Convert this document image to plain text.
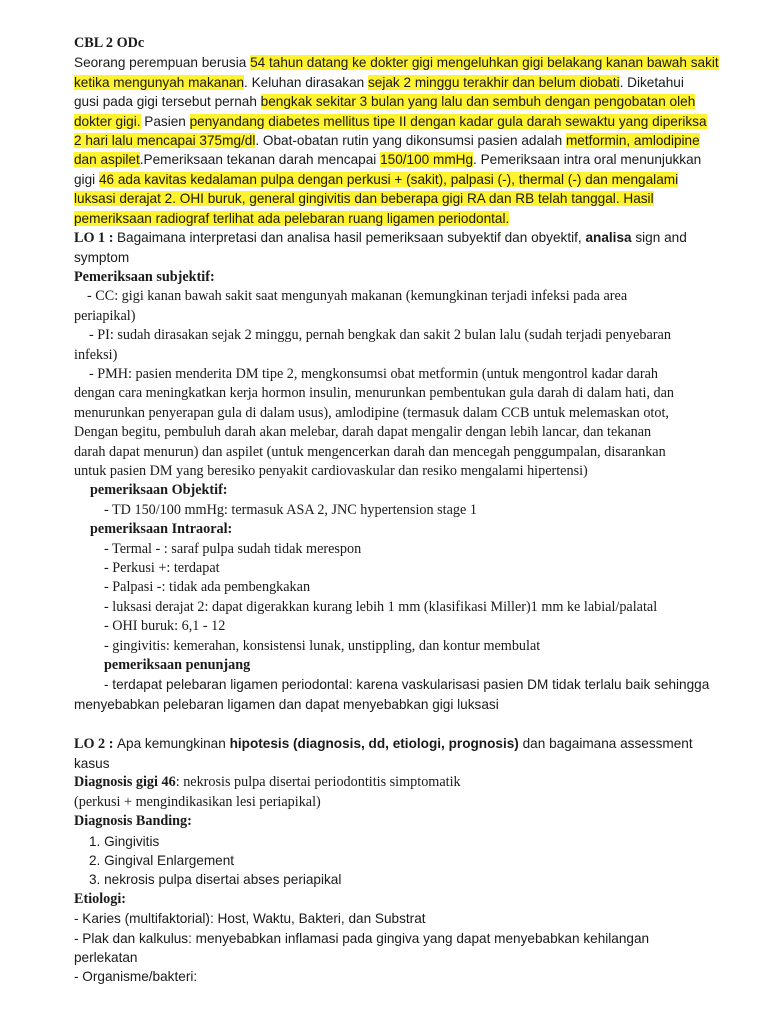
CBL 2 ODc
Seorang perempuan berusia 54 tahun datang ke dokter gigi mengeluhkan gigi belakang kanan bawah sakit
ketika mengunyah makanan. Keluhan dirasakan sejak 2 minggu terakhir dan belum diobati. Diketahui
gusi pada gigi tersebut pernah bengkak sekitar 3 bulan yang lalu dan sembuh dengan pengobatan oleh
dokter gigi. Pasien penyandang diabetes mellitus tipe II dengan kadar gula darah sewaktu yang diperiksa
2 hari lalu mencapai 375mg/dl. Obat-obatan rutin yang dikonsumsi pasien adalah metformin, amlodipine
dan aspilet.Pemeriksaan tekanan darah mencapai 150/100 mmHg. Pemeriksaan intra oral menunjukkan
gigi 46 ada kavitas kedalaman pulpa dengan perkusi + (sakit), palpasi (-), thermal (-) dan mengalami
luksasi derajat 2. OHI buruk, general gingivitis dan beberapa gigi RA dan RB telah tanggal. Hasil
pemeriksaan radiograf terlihat ada pelebaran ruang ligamen periodontal.
LO 1 : Bagaimana interpretasi dan analisa hasil pemeriksaan subyektif dan obyektif, analisa sign and
symptom
Pemeriksaan subjektif:
- CC: gigi kanan bawah sakit saat mengunyah makanan (kemungkinan terjadi infeksi pada area
periapikal)
- PI: sudah dirasakan sejak 2 minggu, pernah bengkak dan sakit 2 bulan lalu (sudah terjadi penyebaran
infeksi)
- PMH: pasien menderita DM tipe 2, mengkonsumsi obat metformin (untuk mengontrol kadar darah
dengan cara meningkatkan kerja hormon insulin, menurunkan pembentukan gula darah di dalam hati, dan
menurunkan penyerapan gula di dalam usus), amlodipine (termasuk dalam CCB untuk melemaskan otot,
Dengan begitu, pembuluh darah akan melebar, darah dapat mengalir dengan lebih lancar, dan tekanan
darah dapat menurun) dan aspilet (untuk mengencerkan darah dan mencegah penggumpalan, disarankan
untuk pasien DM yang beresiko penyakit cardiovaskular dan resiko mengalami hipertensi)
pemeriksaan Objektif:
- TD 150/100 mmHg: termasuk ASA 2, JNC hypertension stage 1
pemeriksaan Intraoral:
- Termal - : saraf pulpa sudah tidak merespon
- Perkusi +: terdapat
- Palpasi -: tidak ada pembengkakan
- luksasi derajat 2: dapat digerakkan kurang lebih 1 mm (klasifikasi Miller)1 mm ke labial/palatal
- OHI buruk: 6,1 - 12
- gingivitis: kemerahan, konsistensi lunak, unstippling, dan kontur membulat
pemeriksaan penunjang
- terdapat pelebaran ligamen periodontal: karena vaskularisasi pasien DM tidak terlalu baik sehingga
menyebabkan pelebaran ligamen dan dapat menyebabkan gigi luksasi
LO 2 : Apa kemungkinan hipotesis (diagnosis, dd, etiologi, prognosis) dan bagaimana assessment
kasus
Diagnosis gigi 46: nekrosis pulpa disertai periodontitis simptomatik
(perkusi + mengindikasikan lesi periapikal)
Diagnosis Banding:
1. Gingivitis
2. Gingival Enlargement
3. nekrosis pulpa disertai abses periapikal
Etiologi:
- Karies (multifaktorial): Host, Waktu, Bakteri, dan Substrat
- Plak dan kalkulus: menyebabkan inflamasi pada gingiva yang dapat menyebabkan kehilangan
perlekatan
- Organisme/bakteri:
